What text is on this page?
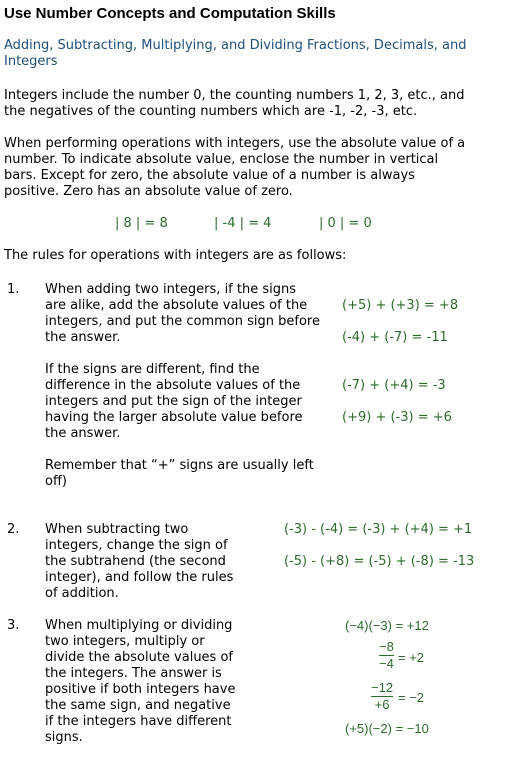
Use Number Concepts and Computation Skills
Adding, Subtracting, Multiplying, and Dividing Fractions, Decimals, and Integers
Integers include the number 0, the counting numbers 1, 2, 3, etc., and
the negatives of the counting numbers which are -1, -2, -3, etc.
When performing operations with integers, use the absolute value of a
number. To indicate absolute value, enclose the number in vertical
bars. Except for zero, the absolute value of a number is always
positive. Zero has an absolute value of zero.
| 8 | = 8	| -4 | = 4	| 0 | = 0
The rules for operations with integers are as follows:
1. When adding two integers, if the signs
are alike, add the absolute values of the
integers, and put the common sign before
the answer.
(+5) + (+3) = +8
(-4) + (-7) = -11
If the signs are different, find the
difference in the absolute values of the
integers and put the sign of the integer
having the larger absolute value before
the answer.
(-7) + (+4) = -3
(+9) + (-3) = +6
Remember that “+” signs are usually left
off)
2. When subtracting two
integers, change the sign of
the subtrahend (the second
integer), and follow the rules
of addition.
(-3) - (-4) = (-3) + (+4) = +1
(-5) - (+8) = (-5) + (-8) = -13
3. When multiplying or dividing
two integers, multiply or
divide the absolute values of
the integers. The answer is
positive if both integers have
the same sign, and negative
if the integers have different
signs.
(−4)(−3) = +12
−8
−4 = +2
−12
+6 = −2
(+5)(−2) = −10
